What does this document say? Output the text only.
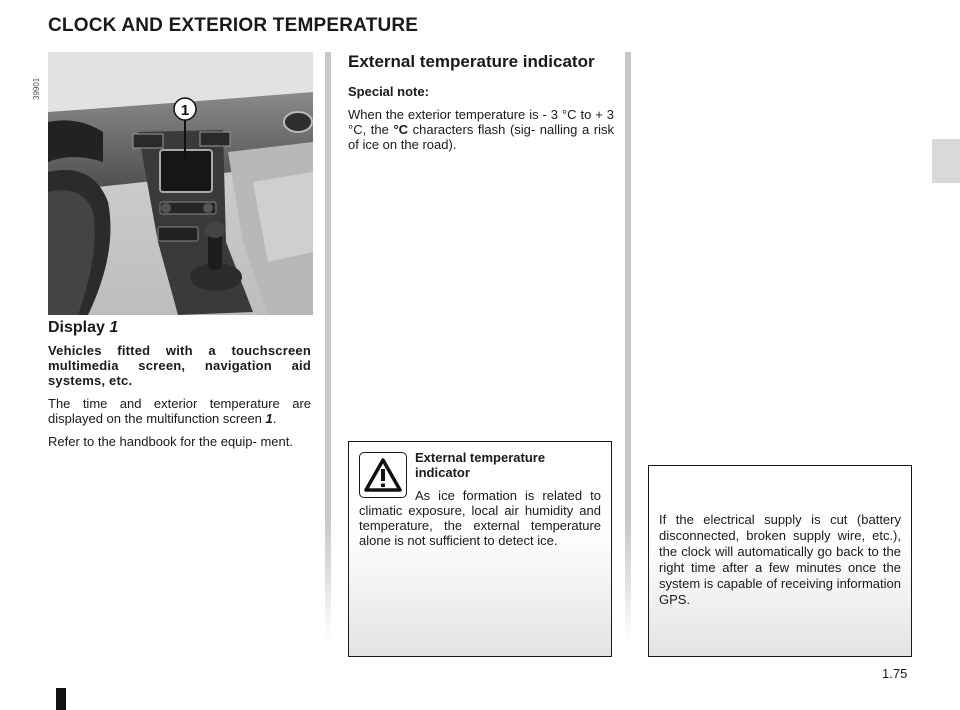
CLOCK AND EXTERIOR TEMPERATURE
39901
1
Display 1

Vehicles fitted with a touchscreen multimedia screen, navigation aid systems, etc.

The time and exterior temperature are displayed on the multifunction screen 1.

Refer to the handbook for the equip- ment.

External temperature indicator
Special note:

When the exterior temperature is - 3 °C to + 3 °C, the °C characters flash (sig- nalling a risk of ice on the road).

External temperature indicator

As ice formation is related to climatic exposure, local air humidity and temperature, the external temperature alone is not sufficient to detect ice.

If the electrical supply is cut (battery disconnected, broken supply wire, etc.), the clock will automatically go back to the right time after a few minutes once the system is capable of receiving information GPS.

1.75
